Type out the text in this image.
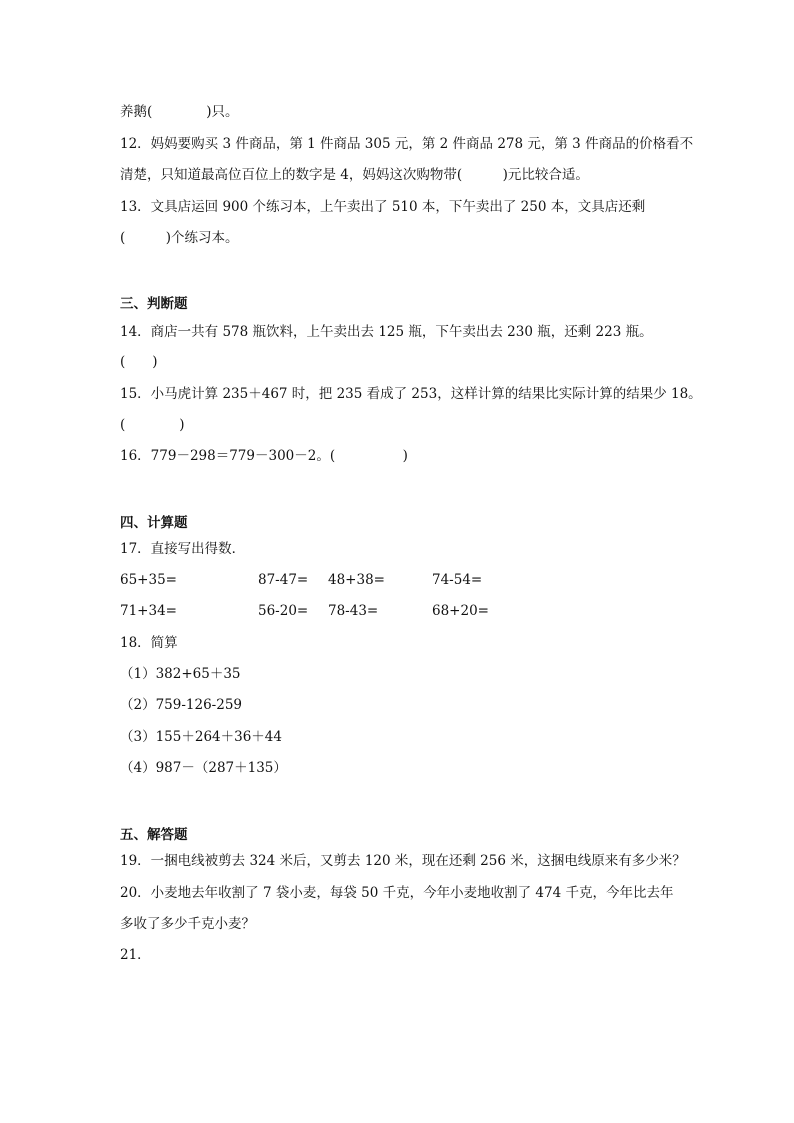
养鹅(　　　　)只。
12．妈妈要购买 3 件商品，第 1 件商品 305 元，第 2 件商品 278 元，第 3 件商品的价格看不
清楚，只知道最高位百位上的数字是 4，妈妈这次购物带(　　　)元比较合适。
13．文具店运回 900 个练习本，上午卖出了 510 本，下午卖出了 250 本，文具店还剩
(　　　)个练习本。
三、判断题
14．商店一共有 578 瓶饮料，上午卖出去 125 瓶，下午卖出去 230 瓶，还剩 223 瓶。
(　　)
15．小马虎计算 235＋467 时，把 235 看成了 253，这样计算的结果比实际计算的结果少 18。
(　　　　)
16．779－298＝779－300－2。(　　　　　)
四、计算题
17．直接写出得数．
65+35=	87-47= 48+38=	74-54=
71+34=	56-20= 78-43=	68+20=
18．简算
（1）382+65＋35
（2）759-126-259
（3）155＋264＋36＋44
（4）987－（287＋135）
五、解答题
19．一捆电线被剪去 324 米后，又剪去 120 米，现在还剩 256 米，这捆电线原来有多少米？
20．小麦地去年收割了 7 袋小麦，每袋 50 千克，今年小麦地收割了 474 千克，今年比去年
多收了多少千克小麦？
21．
